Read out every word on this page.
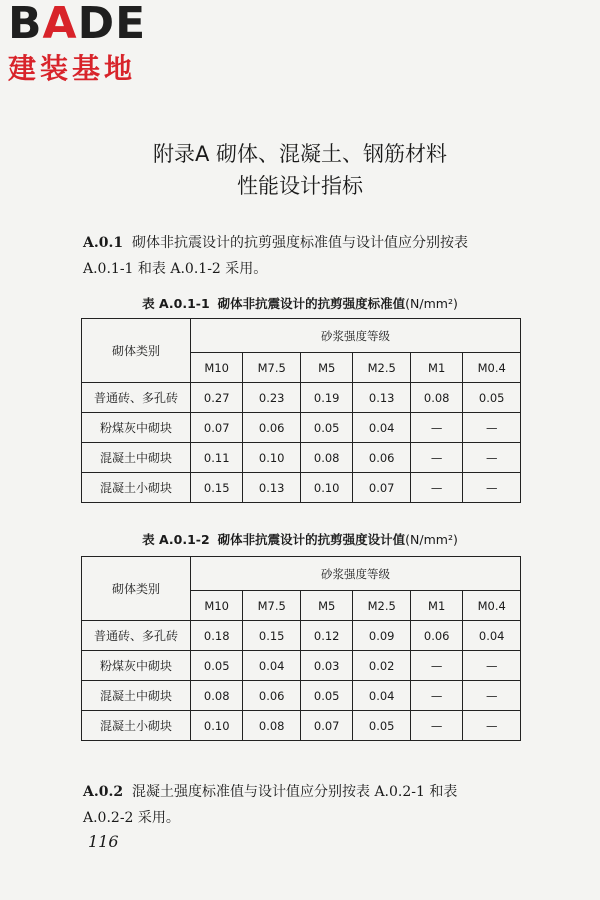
BADE
建装基地
附录A 砌体、混凝土、钢筋材料
性能设计指标
A.0.1 砌体非抗震设计的抗剪强度标准值与设计值应分别按表
A.0.1-1 和表 A.0.1-2 采用。
表 A.0.1-1 砌体非抗震设计的抗剪强度标准值(N/mm²)
砌体类别	砂浆强度等级					
	M10	M7.5	M5	M2.5	M1	M0.4
普通砖、多孔砖	0.27	0.23	0.19	0.13	0.08	0.05
粉煤灰中砌块	0.07	0.06	0.05	0.04	—	—
混凝土中砌块	0.11	0.10	0.08	0.06	—	—
混凝土小砌块	0.15	0.13	0.10	0.07	—	—
表 A.0.1-2 砌体非抗震设计的抗剪强度设计值(N/mm²)
砌体类别	砂浆强度等级					
	M10	M7.5	M5	M2.5	M1	M0.4
普通砖、多孔砖	0.18	0.15	0.12	0.09	0.06	0.04
粉煤灰中砌块	0.05	0.04	0.03	0.02	—	—
混凝土中砌块	0.08	0.06	0.05	0.04	—	—
混凝土小砌块	0.10	0.08	0.07	0.05	—	—
A.0.2 混凝土强度标准值与设计值应分别按表 A.0.2-1 和表
A.0.2-2 采用。
116
